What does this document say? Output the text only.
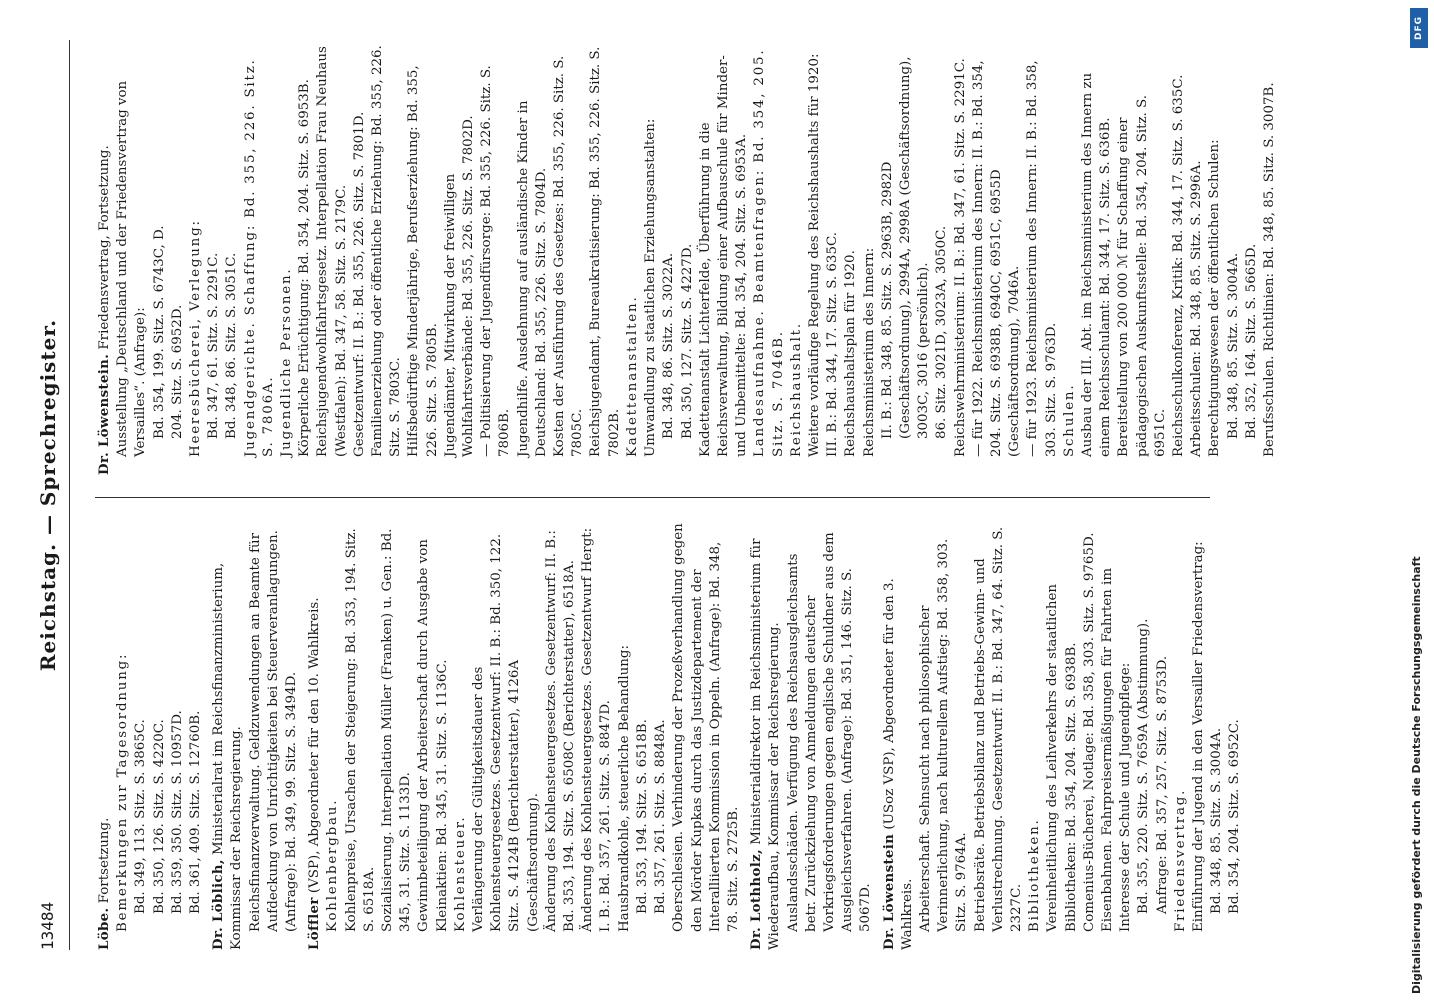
13484
Reichstag. — Sprechregister.
Löbe. Fortsetzung. Bemerkungen zur Tagesordnung: Bd. 349, 113. Sitz. S. 3865C. Bd. 350, 126. Sitz. S. 4220C. Bd. 359, 350. Sitz. S. 10957D. Bd. 361, 409. Sitz. S. 12760B. Dr. Löblich, Ministerialrat im Reichsfinanzministerium, Kommissar der Reichsregierung. Reichsfinanzverwaltung. Geldzuwendungen an Beamte für Aufdeckung von Unrichtigkeiten bei Steuerveranlagungen. (Anfrage): Bd. 349, 99. Sitz. S. 3494D. Löffler (VSP), Abgeordneter für den 10. Wahlkreis. Kohlenbergbau. Kohlenpreise, Ursachen der Steigerung: Bd. 353, 194. Sitz. S. 6518A. Sozialisierung. Interpellation Müller (Franken) u. Gen.: Bd. 345, 31. Sitz. S. 1133D. Gewinnbeteiligung der Arbeiterschaft durch Ausgabe von Kleinaktien: Bd. 345, 31. Sitz. S. 1136C. Kohlensteuer. Verlängerung der Gültigkeitsdauer des Kohlensteuergesetzes. Gesetzentwurf: II. B.: Bd. 350, 122. Sitz. S. 4124B (Berichterstatter), 4126A (Geschäftsordnung). Änderung des Kohlensteuergesetzes. Gesetzentwurf: II. B.: Bd. 353, 194. Sitz. S. 6508C (Berichterstatter), 6518A. Änderung des Kohlensteuergesetzes. Gesetzentwurf Hergt: I. B.: Bd. 357, 261. Sitz. S. 8847D. Hausbrandkohle, steuerliche Behandlung: Bd. 353, 194. Sitz. S. 6518B. Bd. 357, 261. Sitz. S. 8848A. Oberschlesien. Verhinderung der Prozeßverhandlung gegen den Mörder Kupkas durch das Justizdepartement der Interalliierten Kommission in Oppeln. (Anfrage): Bd. 348, 78. Sitz. S. 2725B. Dr. Lothholz, Ministerialdirektor im Reichsministerium für Wiederaufbau, Kommissar der Reichsregierung. Auslandsschäden. Verfügung des Reichsausgleichsamts betr. Zurückziehung von Anmeldungen deutscher Vorkriegsforderungen gegen englische Schuldner aus dem Ausgleichsverfahren. (Anfrage): Bd. 351, 146. Sitz. S. 5067D. Dr. Löwenstein (USoz VSP), Abgeordneter für den 3. Wahlkreis. Arbeiterschaft. Sehnsucht nach philosophischer Verinnerlichung, nach kulturellem Aufstieg: Bd. 358, 303. Sitz. S. 9764A. Betriebsräte. Betriebsbilanz und Betriebs-Gewinn- und Verlustrechnung. Gesetzentwurf: II. B.: Bd. 347, 64. Sitz. S. 2327C. Bibliotheken. Vereinheitlichung des Leihverkehrs der staatlichen Bibliotheken: Bd. 354, 204. Sitz. S. 6938B. Comenius-Bücherei, Notlage: Bd. 358, 303. Sitz. S. 9765D. Eisenbahnen. Fahrpreisermäßigungen für Fahrten im Interesse der Schule und Jugendpflege: Bd. 355, 220. Sitz. S. 7659A (Abstimmung). Anfrage: Bd. 357, 257. Sitz. S. 8753D. Friedensvertrag. Einführung der Jugend in den Versailler Friedensvertrag: Bd. 348, 85. Sitz. S. 3004A. Bd. 354, 204. Sitz. S. 6952C.
Dr. Löwenstein. Friedensvertrag, Fortsetzung. Ausstellung „Deutschland und der Friedensvertrag von Versailles“. (Anfrage): Bd. 354, 199. Sitz. S. 6743C, D. 204. Sitz. S. 6952D. Heeresbücherei, Verlegung: Bd. 347, 61. Sitz. S. 2291C. Bd. 348, 86. Sitz. S. 3051C. Jugendgerichte. Schaffung: Bd. 355, 226. Sitz. S. 7806A. Jugendliche Personen. Körperliche Ertüchtigung: Bd. 354, 204. Sitz. S. 6953B. Reichsjugendwohlfahrtsgesetz. Interpellation Frau Neuhaus (Westfalen): Bd. 347, 58. Sitz. S. 2179C. Gesetzentwurf: II. B.: Bd. 355, 226. Sitz. S. 7801D. Familienerziehung oder öffentliche Erziehung: Bd. 355, 226. Sitz. S. 7803C. Hilfsbedürftige Minderjährige, Berufserziehung: Bd. 355, 226. Sitz. S. 7805B. Jugendämter, Mitwirkung der freiwilligen Wohlfahrtsverbände: Bd. 355, 226. Sitz. S. 7802D. — Politisierung der Jugendfürsorge: Bd. 355, 226. Sitz. S. 7806B. Jugendhilfe. Ausdehnung auf ausländische Kinder in Deutschland: Bd. 355, 226. Sitz. S. 7804D. Kosten der Ausführung des Gesetzes: Bd. 355, 226. Sitz. S. 7805C. Reichsjugendamt, Bureaukratisierung: Bd. 355, 226. Sitz. S. 7802B. Kadettenanstalten. Umwandlung zu staatlichen Erziehungsanstalten: Bd. 348, 86. Sitz. S. 3022A. Bd. 350, 127. Sitz. S. 4227D. Kadettenanstalt Lichterfelde, Überführung in die Reichsverwaltung, Bildung einer Aufbauschule für Minder- und Unbemittelte: Bd. 354, 204. Sitz. S. 6953A. Landesaufnahme. Beamtenfragen: Bd. 354, 205. Sitz. S. 7046B. Reichshaushalt. Weitere vorläufige Regelung des Reichshaushalts für 1920: III. B.: Bd. 344, 17. Sitz. S. 635C. Reichshaushaltsplan für 1920. Reichsministerium des Innern: II. B.: Bd. 348, 85. Sitz. S. 2963B, 2982D (Geschäftsordnung), 2994A, 2998A (Geschäftsordnung), 3003C, 3016 (persönlich). 86. Sitz. 3021D, 3023A, 3050C. Reichswehrministerium: II. B.: Bd. 347, 61. Sitz. S. 2291C. — für 1922. Reichsministerium des Innern: II. B.: Bd. 354, 204. Sitz. S. 6938B, 6940C, 6951C, 6955D (Geschäftsordnung), 7046A. — für 1923. Reichsministerium des Innern: II. B.: Bd. 358, 303. Sitz. S. 9763D. Schulen. Ausbau der III. Abt. im Reichsministerium des Innern zu einem Reichsschulamt: Bd. 344, 17. Sitz. S. 636B. Bereitstellung von 200 000 ℳ für Schaffung einer pädagogischen Auskunftsstelle: Bd. 354, 204. Sitz. S. 6951C. Reichsschulkonferenz, Kritik: Bd. 344, 17. Sitz. S. 635C. Arbeitsschulen: Bd. 348, 85. Sitz. S. 2996A. Berechtigungswesen der öffentlichen Schulen: Bd. 348, 85. Sitz. S. 3004A. Bd. 352, 164. Sitz. S. 5665D. Berufsschulen. Richtlinien: Bd. 348, 85. Sitz. S. 3007B.
DFG
Digitalisierung gefördert durch die Deutsche Forschungsgemeinschaft
